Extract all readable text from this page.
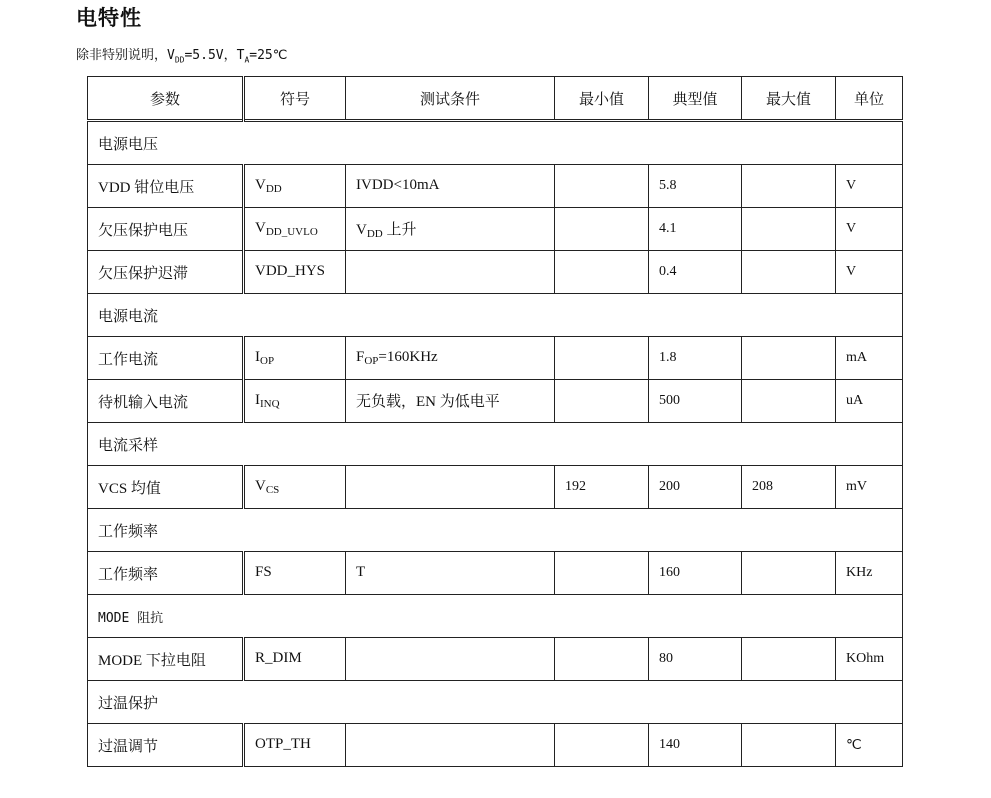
电特性
除非特别说明，$V_{DD}=5.5V$，$T_A=25℃$
参数	符号	测试条件	最小值	典型值	最大值	单位
电源电压						
VDD 钳位电压	$V_{DD}$	IVDD<10mA		5.8		V
欠压保护电压	$V_{DD\_UVLO}$	$V_{DD}$ 上升		4.1		V
欠压保护迟滞	VDD_HYS			0.4		V
电源电流						
工作电流	$I_{OP}$	$F_{OP}=160KHz$		1.8		mA
待机输入电流	$I_{INQ}$	无负载，EN 为低电平		500		uA
电流采样						
VCS 均值	$V_{CS}$		192	200	208	mV
工作频率						
工作频率	FS	T		160		KHz
MODE 阻抗						
MODE 下拉电阻	R_DIM			80		KOhm
过温保护						
过温调节	OTP_TH			140		℃
